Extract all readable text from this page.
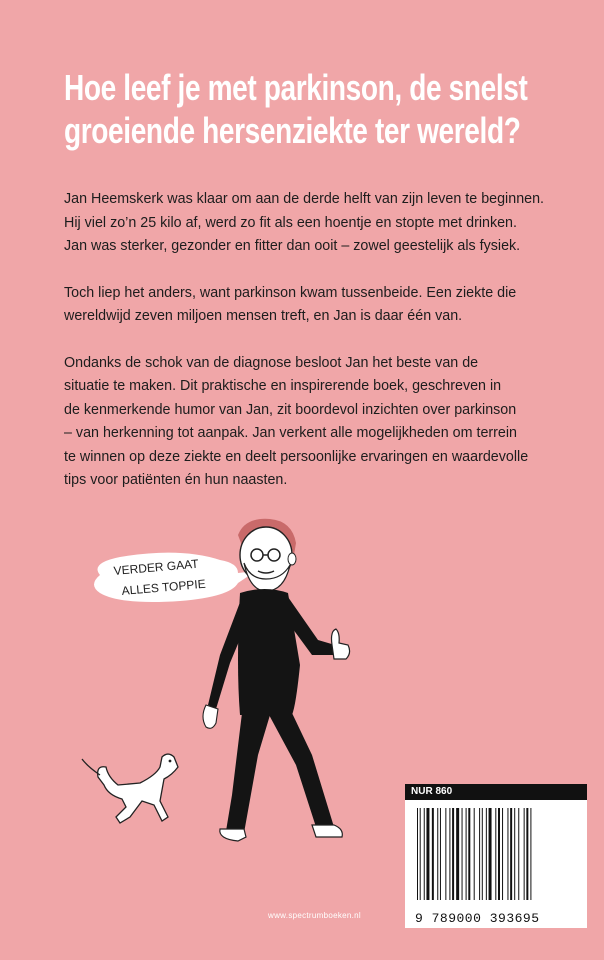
Hoe leef je met parkinson, de snelst
groeiende hersenziekte ter wereld?

Jan Heemskerk was klaar om aan de derde helft van zijn leven te beginnen.
Hij viel zo’n 25 kilo af, werd zo fit als een hoentje en stopte met drinken.
Jan was sterker, gezonder en fitter dan ooit – zowel geestelijk als fysiek.

Toch liep het anders, want parkinson kwam tussenbeide. Een ziekte die
wereldwijd zeven miljoen mensen treft, en Jan is daar één van.

Ondanks de schok van de diagnose besloot Jan het beste van de
situatie te maken. Dit praktische en inspirerende boek, geschreven in
de kenmerkende humor van Jan, zit boordevol inzichten over parkinson
– van herkenning tot aanpak. Jan verkent alle mogelijkheden om terrein
te winnen op deze ziekte en deelt persoonlijke ervaringen en waardevolle
tips voor patiënten én hun naasten.

VERDER GAAT
ALLES TOPPIE
NUR 860
9 789000 393695
www.spectrumboeken.nl
